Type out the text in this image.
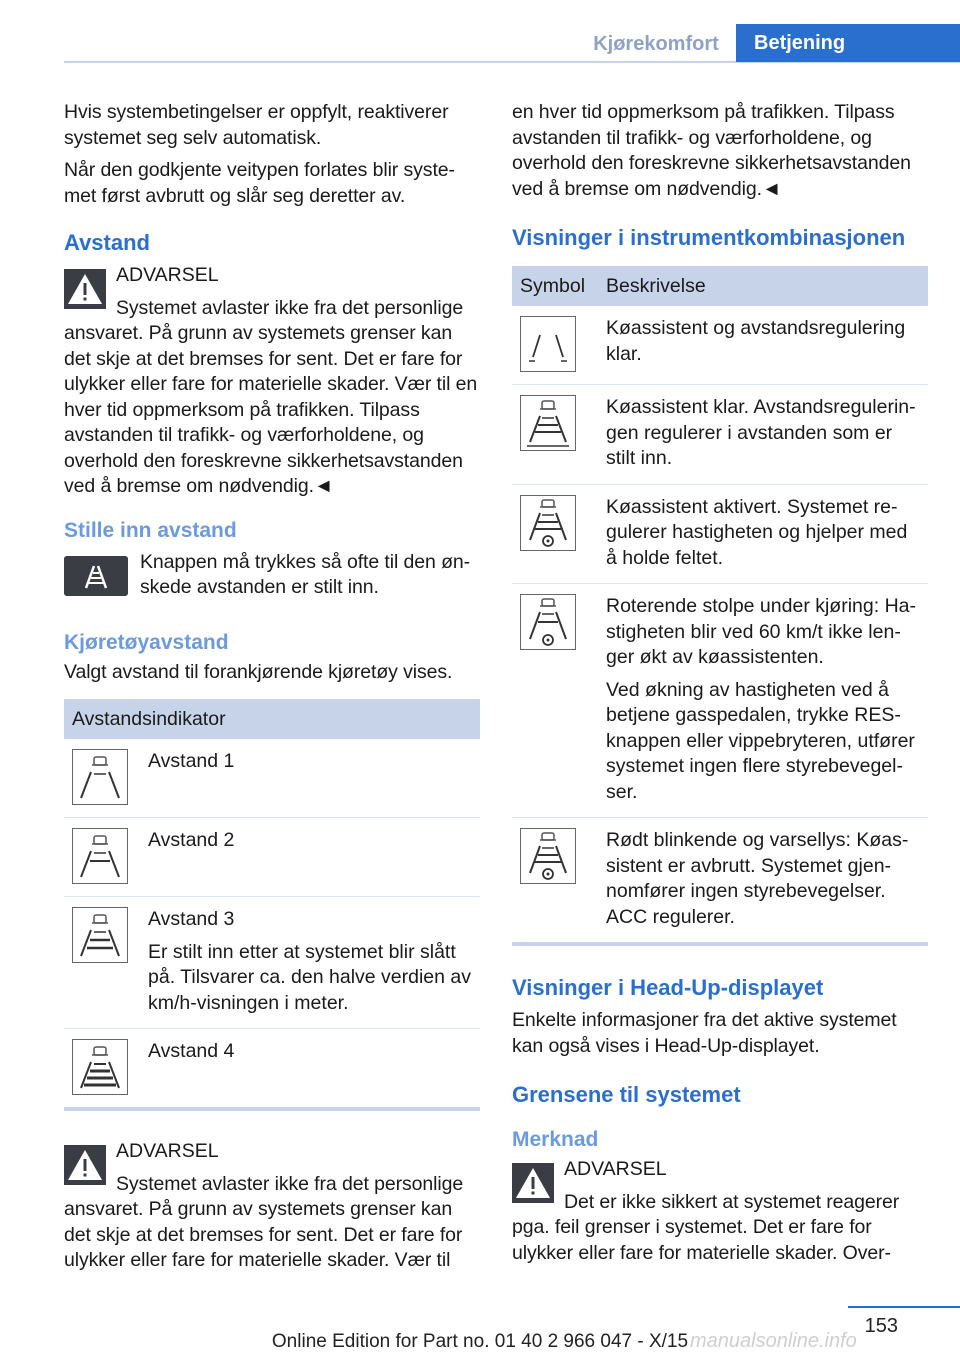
Kjørekomfort	Betjening

Hvis systembetingelser er oppfylt, reaktiverer systemet seg selv automatisk.

Når den godkjente veitypen forlates blir systemet først avbrutt og slår seg deretter av.

Avstand
ADVARSEL

Systemet avlaster ikke fra det personlige ansvaret. På grunn av systemets grenser kan det skje at det bremses for sent. Det er fare for ulykker eller fare for materielle skader. Vær til en hver tid oppmerksom på trafikken. Tilpass avstanden til trafikk- og værforholdene, og overhold den foreskrevne sikkerhetsavstanden ved å bremse om nødvendig.◄

Stille inn avstand

Knappen må trykkes så ofte til den ønskede avstanden er stilt inn.

Kjøretøyavstand

Valgt avstand til forankjørende kjøretøy vises.

Avstandsindikator	

	Avstand 1

	Avstand 2

Avstand 3
Er stilt inn etter at systemet blir slått på. Tilsvarer ca. den halve verdien av km/h-visningen i meter.

	Avstand 4
ADVARSEL

Systemet avlaster ikke fra det personlige ansvaret. På grunn av systemets grenser kan det skje at det bremses for sent. Det er fare for ulykker eller fare for materielle skader. Vær til

en hver tid oppmerksom på trafikken. Tilpass avstanden til trafikk- og værforholdene, og overhold den foreskrevne sikkerhetsavstanden ved å bremse om nødvendig.◄

Visninger i instrumentkombinasjonen
Symbol	Beskrivelse

Køassistent og avstandsregulering klar.

Køassistent klar. Avstandsreguleringen regulerer i avstanden som er stilt inn.

Køassistent aktivert. Systemet regulerer hastigheten og hjelper med å holde feltet.

Roterende stolpe under kjøring: Hastigheten blir ved 60 km/t ikke lenger økt av køassistenten.
Ved økning av hastigheten ved å betjene gasspedalen, trykke RES-knappen eller vippebryteren, utfører systemet ingen flere styrebevegelser.

Rødt blinkende og varsellys: Køassistent er avbrutt. Systemet gjennomfører ingen styrebevegelser. ACC regulerer.
Visninger i Head-Up-displayet

Enkelte informasjoner fra det aktive systemet kan også vises i Head-Up-displayet.

Grensene til systemet
Merknad
ADVARSEL

Det er ikke sikkert at systemet reagerer pga. feil grenser i systemet. Det er fare for ulykker eller fare for materielle skader. Over-

153
Online Edition for Part no. 01 40 2 966 047 - X/15 manualsonline.info
